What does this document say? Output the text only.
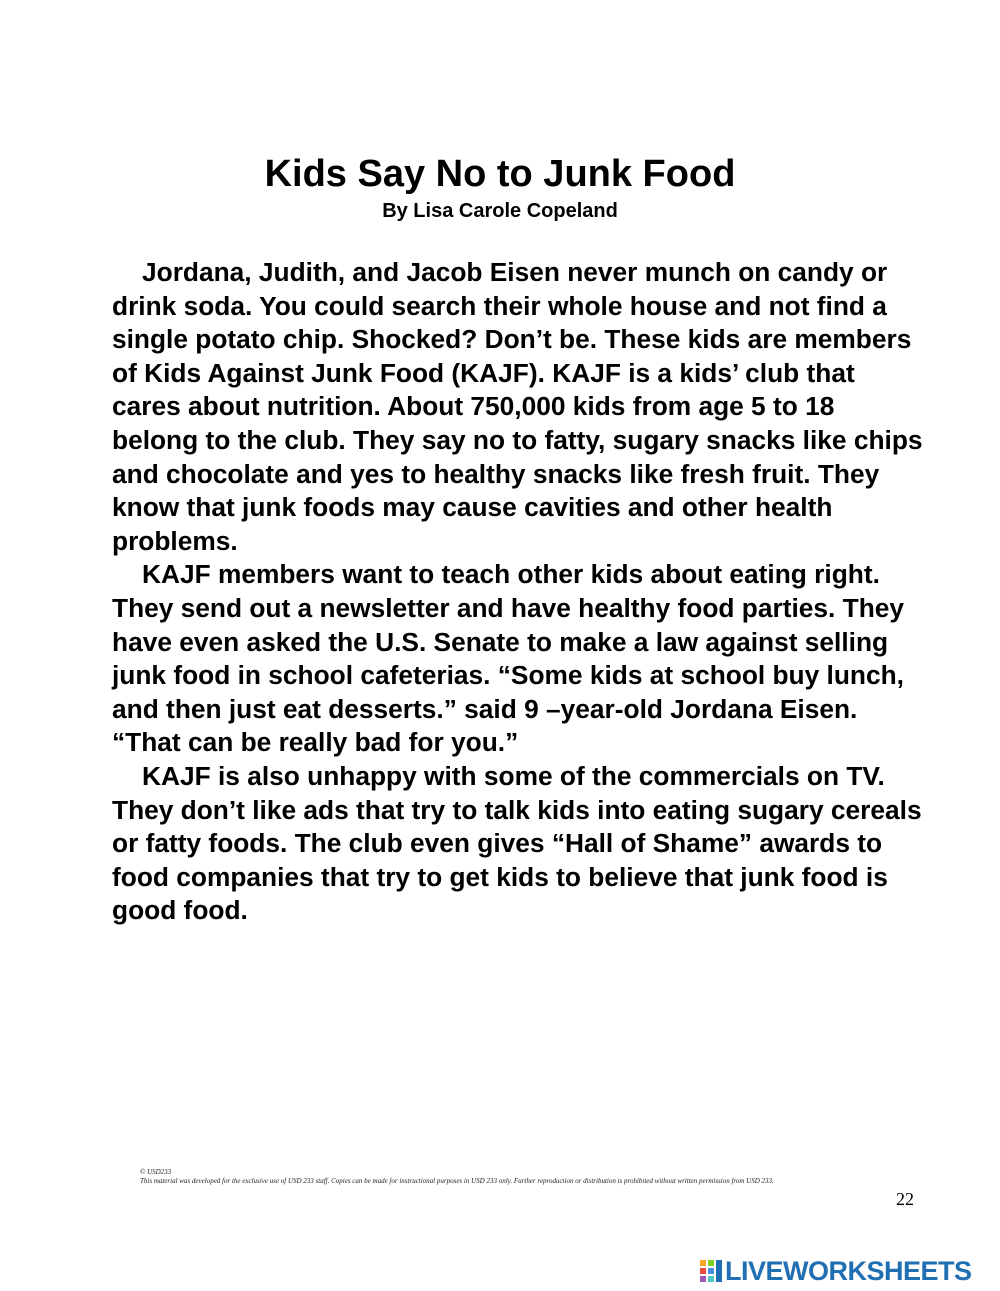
Kids Say No to Junk Food
By Lisa Carole Copeland

Jordana, Judith, and Jacob Eisen never munch on candy or drink soda. You could search their whole house and not find a single potato chip. Shocked? Don’t be. These kids are members of Kids Against Junk Food (KAJF). KAJF is a kids’ club that cares about nutrition. About 750,000 kids from age 5 to 18 belong to the club. They say no to fatty, sugary snacks like chips and chocolate and yes to healthy snacks like fresh fruit. They know that junk foods may cause cavities and other health problems.

KAJF members want to teach other kids about eating right. They send out a newsletter and have healthy food parties. They have even asked the U.S. Senate to make a law against selling junk food in school cafeterias. “Some kids at school buy lunch, and then just eat desserts.” said 9 –year-old Jordana Eisen. “That can be really bad for you.”

KAJF is also unhappy with some of the commercials on TV. They don’t like ads that try to talk kids into eating sugary cereals or fatty foods. The club even gives “Hall of Shame” awards to food companies that try to get kids to believe that junk food is good food.

© USD233
This material was developed for the exclusive use of USD 233 staff. Copies can be made for instructional purposes in USD 233 only. Further reproduction or distribution is prohibited without written permission from USD 233.
22
LIVEWORKSHEETS
